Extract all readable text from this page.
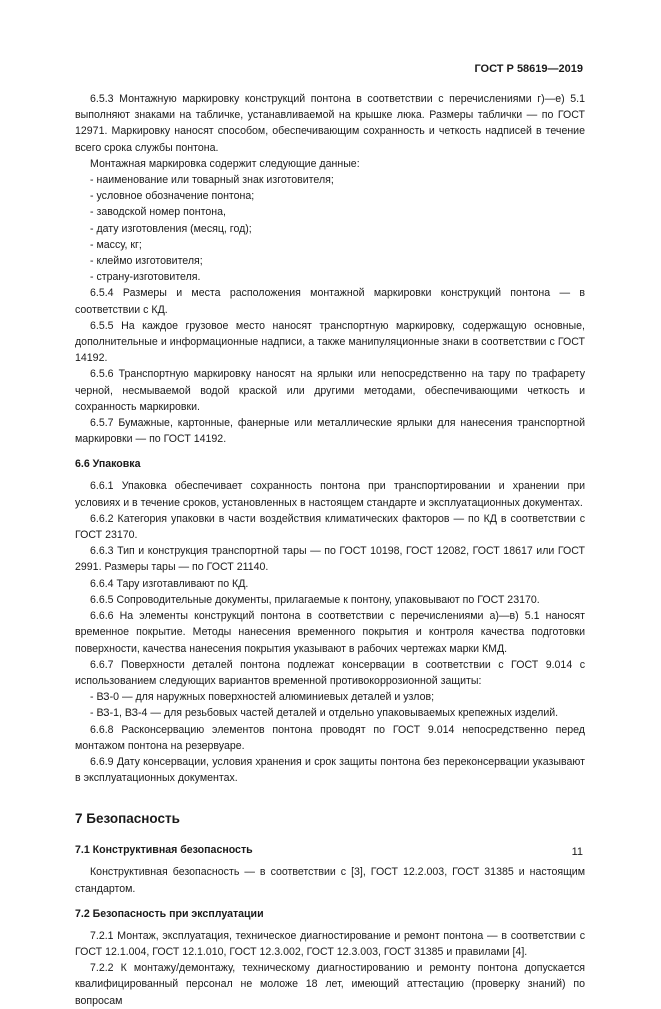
ГОСТ Р 58619—2019

6.5.3 Монтажную маркировку конструкций понтона в соответствии с перечислениями г)—е) 5.1 выполняют знаками на табличке, устанавливаемой на крышке люка. Размеры таблички — по ГОСТ 12971. Маркировку наносят способом, обеспечивающим сохранность и четкость надписей в течение всего срока службы понтона.

Монтажная маркировка содержит следующие данные:

- наименование или товарный знак изготовителя;

- условное обозначение понтона;

- заводской номер понтона,

- дату изготовления (месяц, год);

- массу, кг;

- клеймо изготовителя;

- страну-изготовителя.

6.5.4 Размеры и места расположения монтажной маркировки конструкций понтона — в соответствии с КД.

6.5.5 На каждое грузовое место наносят транспортную маркировку, содержащую основные, дополнительные и информационные надписи, а также манипуляционные знаки в соответствии с ГОСТ 14192.

6.5.6 Транспортную маркировку наносят на ярлыки или непосредственно на тару по трафарету черной, несмываемой водой краской или другими методами, обеспечивающими четкость и сохранность маркировки.

6.5.7 Бумажные, картонные, фанерные или металлические ярлыки для нанесения транспортной маркировки — по ГОСТ 14192.

6.6 Упаковка

6.6.1 Упаковка обеспечивает сохранность понтона при транспортировании и хранении при условиях и в течение сроков, установленных в настоящем стандарте и эксплуатационных документах.

6.6.2 Категория упаковки в части воздействия климатических факторов — по КД в соответствии с ГОСТ 23170.

6.6.3 Тип и конструкция транспортной тары — по ГОСТ 10198, ГОСТ 12082, ГОСТ 18617 или ГОСТ 2991. Размеры тары — по ГОСТ 21140.

6.6.4 Тару изготавливают по КД.

6.6.5 Сопроводительные документы, прилагаемые к понтону, упаковывают по ГОСТ 23170.

6.6.6 На элементы конструкций понтона в соответствии с перечислениями а)—в) 5.1 наносят временное покрытие. Методы нанесения временного покрытия и контроля качества подготовки поверхности, качества нанесения покрытия указывают в рабочих чертежах марки КМД.

6.6.7 Поверхности деталей понтона подлежат консервации в соответствии с ГОСТ 9.014 с использованием следующих вариантов временной противокоррозионной защиты:

- ВЗ-0 — для наружных поверхностей алюминиевых деталей и узлов;

- ВЗ-1, ВЗ-4 — для резьбовых частей деталей и отдельно упаковываемых крепежных изделий.

6.6.8 Расконсервацию элементов понтона проводят по ГОСТ 9.014 непосредственно перед монтажом понтона на резервуаре.

6.6.9 Дату консервации, условия хранения и срок защиты понтона без переконсервации указывают в эксплуатационных документах.

7 Безопасность
7.1 Конструктивная безопасность

Конструктивная безопасность — в соответствии с [3], ГОСТ 12.2.003, ГОСТ 31385 и настоящим стандартом.

7.2 Безопасность при эксплуатации

7.2.1 Монтаж, эксплуатация, техническое диагностирование и ремонт понтона — в соответствии с ГОСТ 12.1.004, ГОСТ 12.1.010, ГОСТ 12.3.002, ГОСТ 12.3.003, ГОСТ 31385 и правилами [4].

7.2.2 К монтажу/демонтажу, техническому диагностированию и ремонту понтона допускается квалифицированный персонал не моложе 18 лет, имеющий аттестацию (проверку знаний) по вопросам

11
